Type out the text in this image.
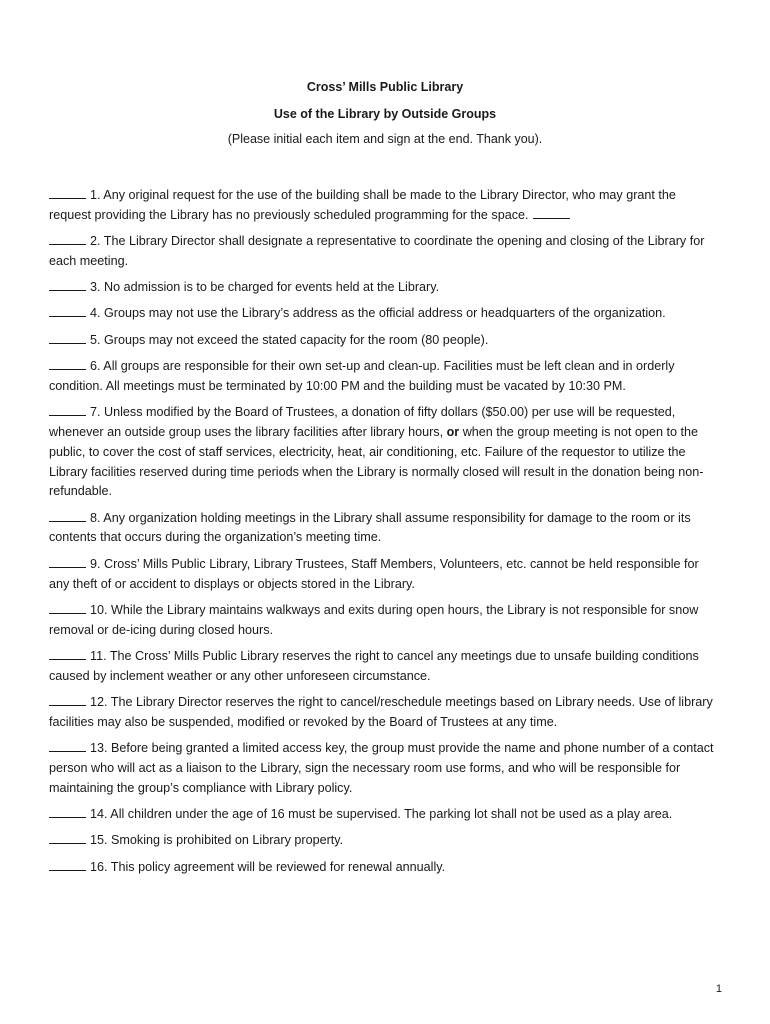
Cross’ Mills Public Library
Use of the Library by Outside Groups
(Please initial each item and sign at the end. Thank you).
1. Any original request for the use of the building shall be made to the Library Director, who may grant the request providing the Library has no previously scheduled programming for the space.
2. The Library Director shall designate a representative to coordinate the opening and closing of the Library for each meeting.
3. No admission is to be charged for events held at the Library.
4. Groups may not use the Library’s address as the official address or headquarters of the organization.
5. Groups may not exceed the stated capacity for the room (80 people).
6. All groups are responsible for their own set-up and clean-up. Facilities must be left clean and in orderly condition. All meetings must be terminated by 10:00 PM and the building must be vacated by 10:30 PM.
7. Unless modified by the Board of Trustees, a donation of fifty dollars ($50.00) per use will be requested, whenever an outside group uses the library facilities after library hours, or when the group meeting is not open to the public, to cover the cost of staff services, electricity, heat, air conditioning, etc. Failure of the requestor to utilize the Library facilities reserved during time periods when the Library is normally closed will result in the donation being non-refundable.
8. Any organization holding meetings in the Library shall assume responsibility for damage to the room or its contents that occurs during the organization’s meeting time.
9. Cross’ Mills Public Library, Library Trustees, Staff Members, Volunteers, etc. cannot be held responsible for any theft of or accident to displays or objects stored in the Library.
10. While the Library maintains walkways and exits during open hours, the Library is not responsible for snow removal or de-icing during closed hours.
11. The Cross’ Mills Public Library reserves the right to cancel any meetings due to unsafe building conditions caused by inclement weather or any other unforeseen circumstance.
12. The Library Director reserves the right to cancel/reschedule meetings based on Library needs. Use of library facilities may also be suspended, modified or revoked by the Board of Trustees at any time.
13. Before being granted a limited access key, the group must provide the name and phone number of a contact person who will act as a liaison to the Library, sign the necessary room use forms, and who will be responsible for maintaining the group’s compliance with Library policy.
14. All children under the age of 16 must be supervised. The parking lot shall not be used as a play area.
15. Smoking is prohibited on Library property.
16. This policy agreement will be reviewed for renewal annually.
1
